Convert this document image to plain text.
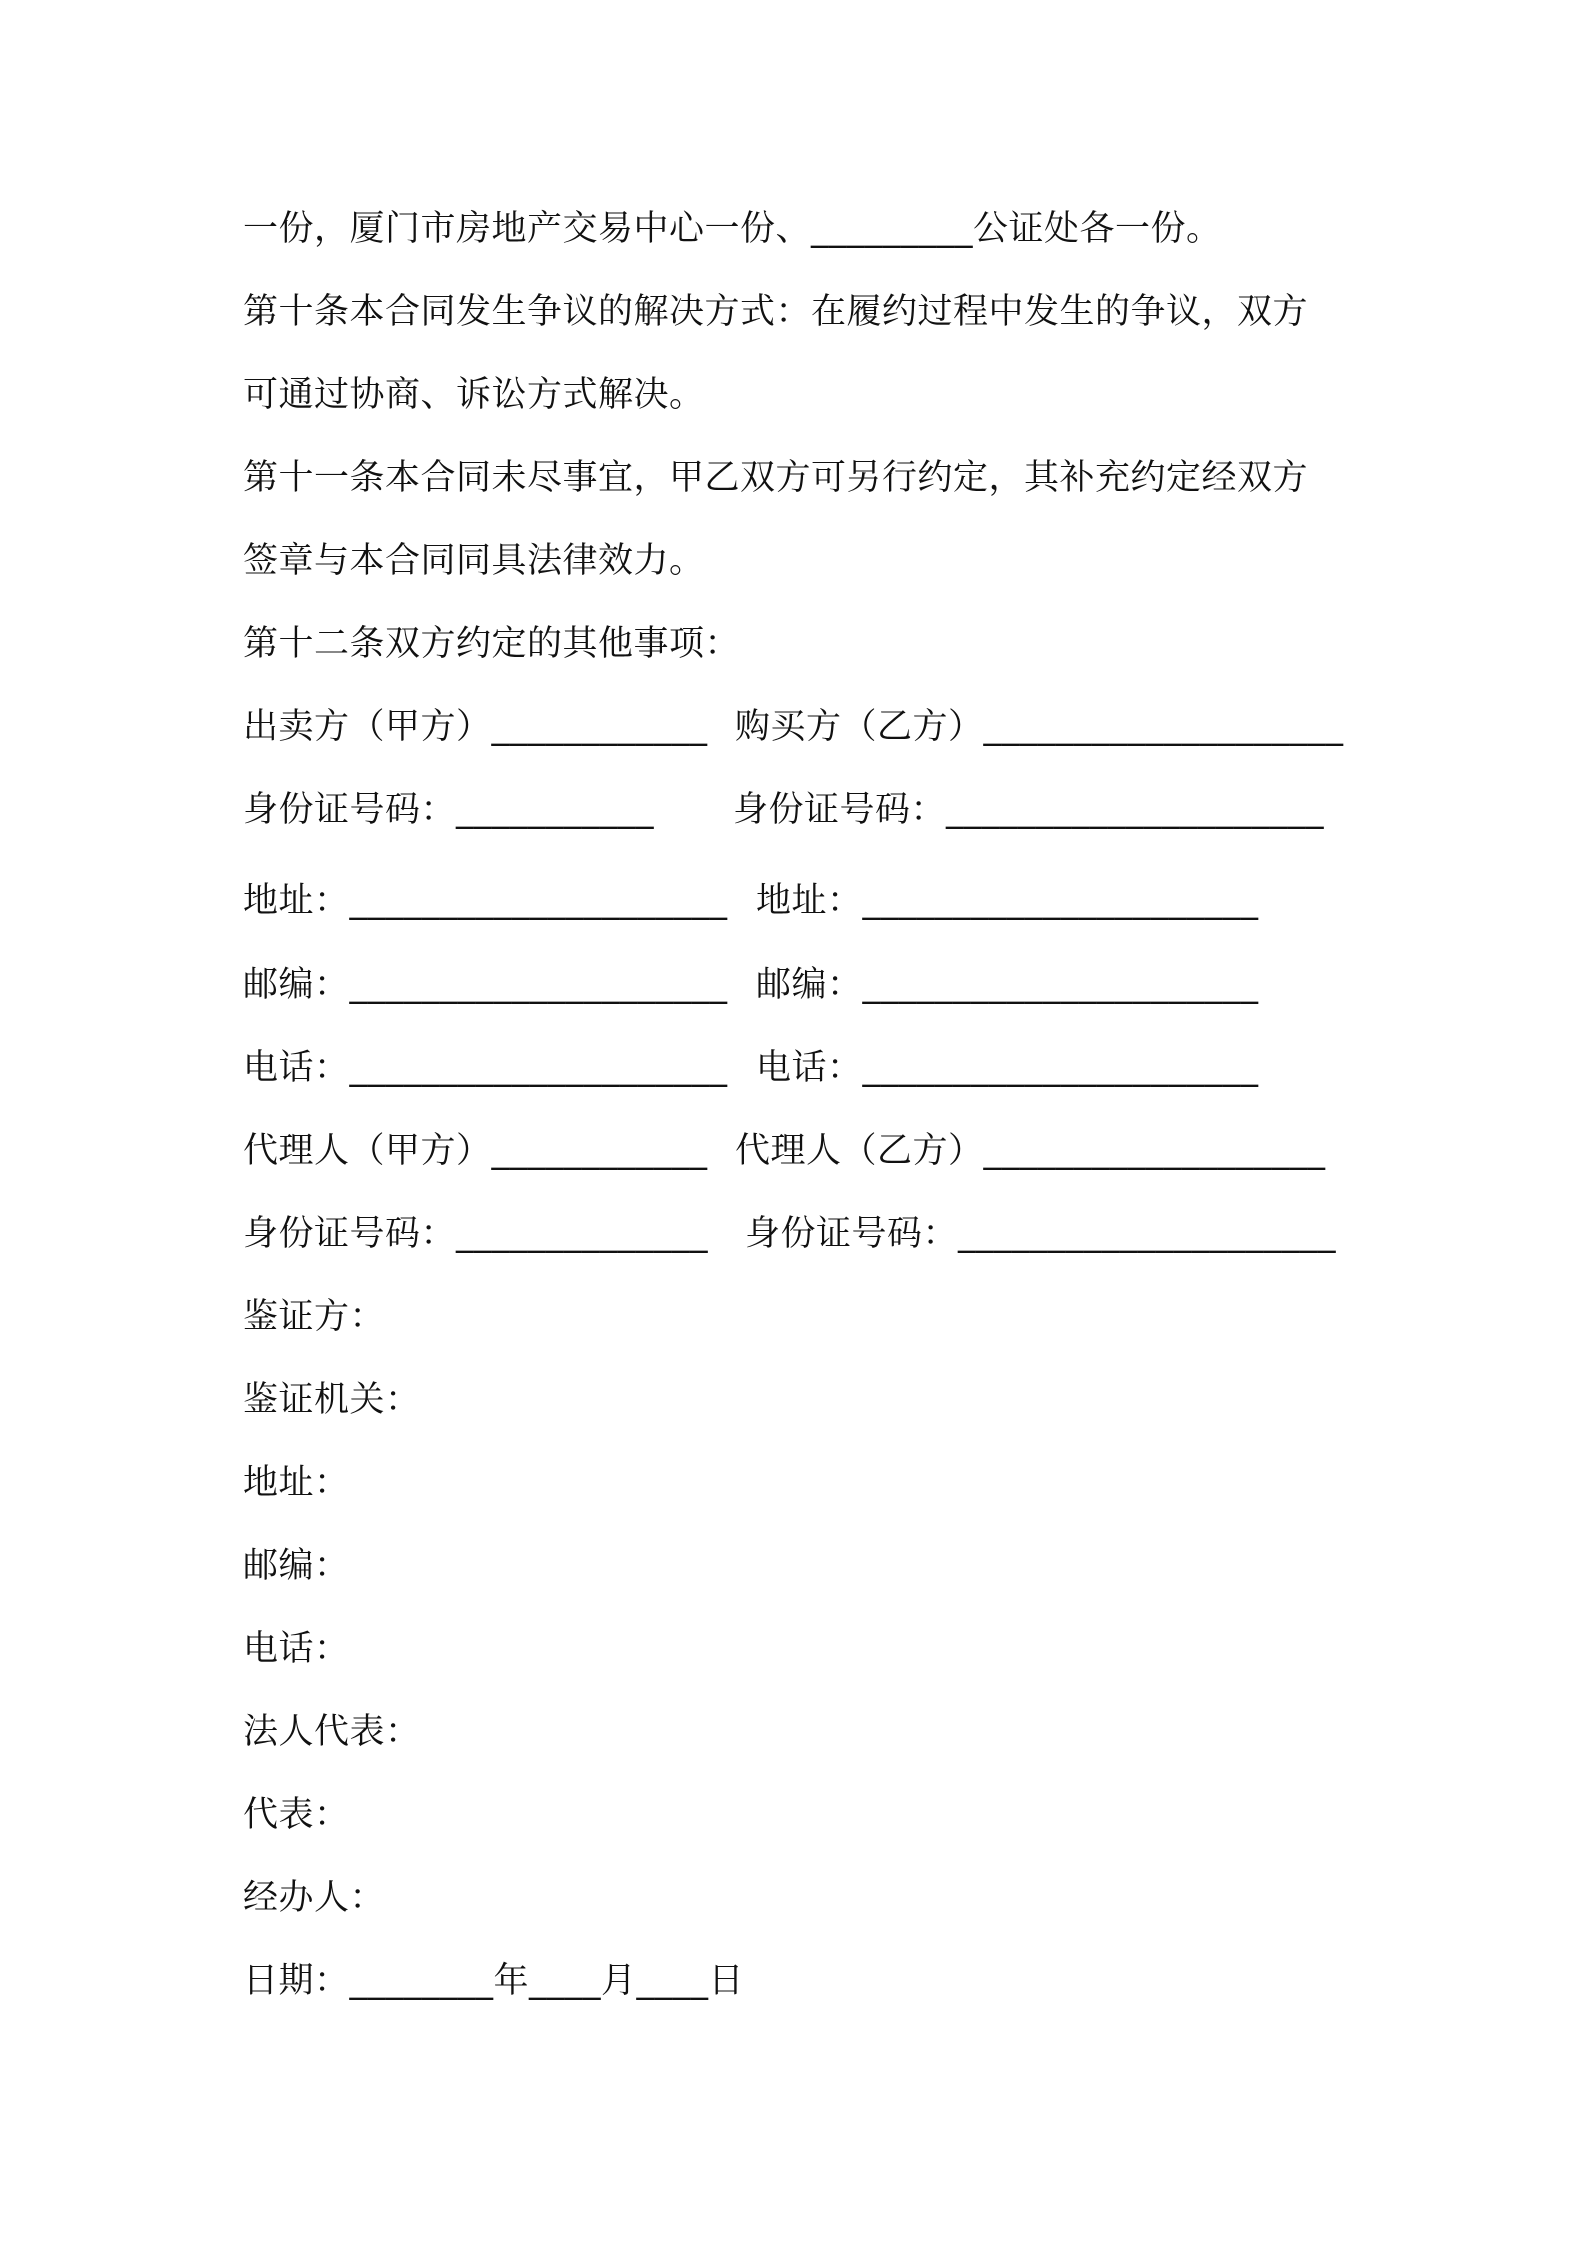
一份，厦门市房地产交易中心一份、_________公证处各一份。
第十条本合同发生争议的解决方式：在履约过程中发生的争议，双方
可通过协商、诉讼方式解决。
第十一条本合同未尽事宜，甲乙双方可另行约定，其补充约定经双方
签章与本合同同具法律效力。
第十二条双方约定的其他事项：
出卖方（甲方）____________ 购买方（乙方）____________________
身份证号码：___________ 身份证号码：_____________________
地址：_____________________ 地址：______________________
邮编：_____________________ 邮编：______________________
电话：_____________________ 电话：______________________
代理人（甲方）____________ 代理人（乙方）___________________
身份证号码：______________ 身份证号码：_____________________
鉴证方：
鉴证机关：
地址：
邮编：
电话：
法人代表：
代表：
经办人：
日期：________年____月____日
